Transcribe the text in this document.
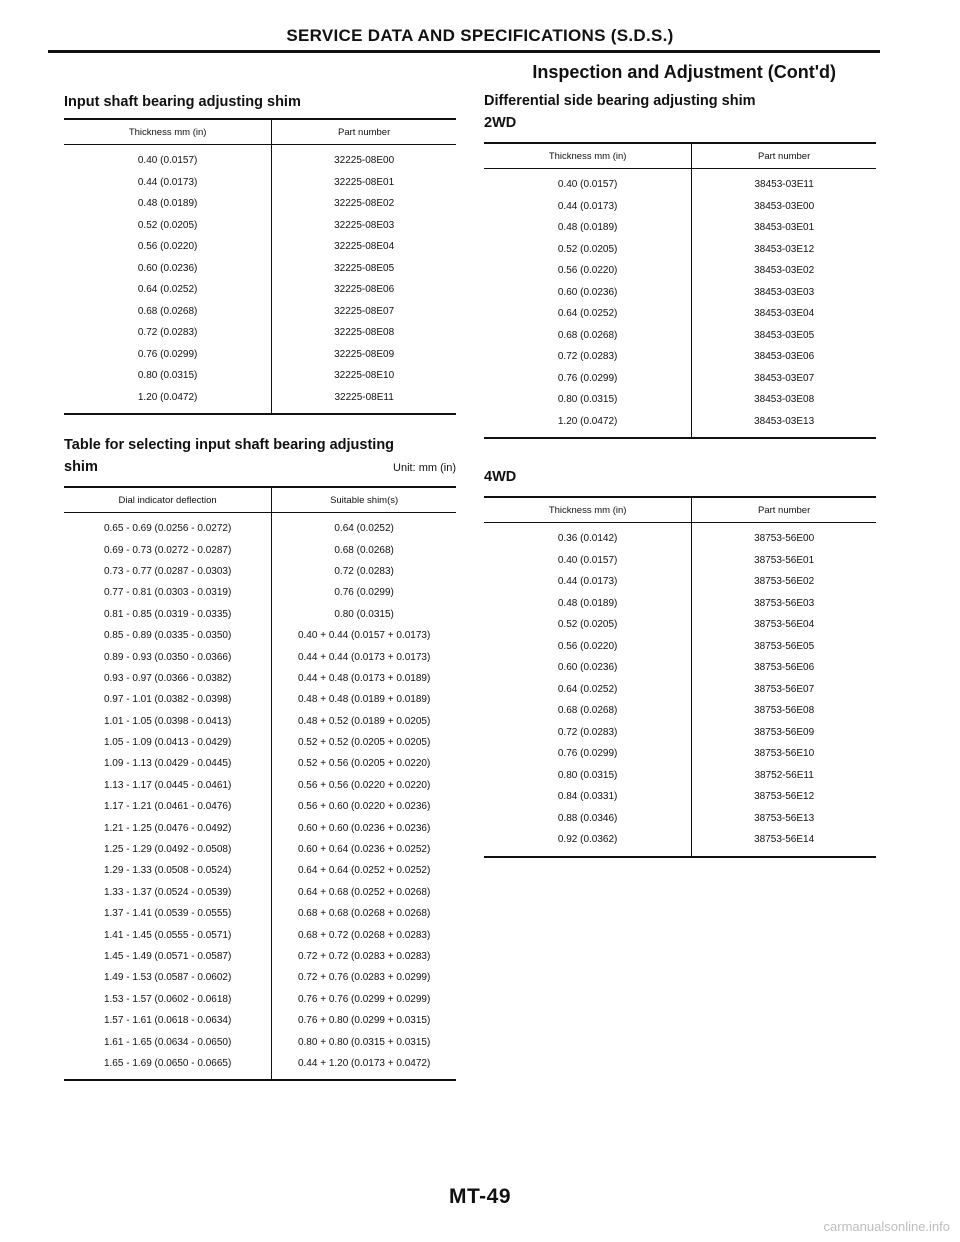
SERVICE DATA AND SPECIFICATIONS (S.D.S.)
Inspection and Adjustment (Cont'd)
Input shaft bearing adjusting shim
Thickness mm (in)	Part number
0.40 (0.0157)	32225-08E00
0.44 (0.0173)	32225-08E01
0.48 (0.0189)	32225-08E02
0.52 (0.0205)	32225-08E03
0.56 (0.0220)	32225-08E04
0.60 (0.0236)	32225-08E05
0.64 (0.0252)	32225-08E06
0.68 (0.0268)	32225-08E07
0.72 (0.0283)	32225-08E08
0.76 (0.0299)	32225-08E09
0.80 (0.0315)	32225-08E10
1.20 (0.0472)	32225-08E11
Table for selecting input shaft bearing adjusting
shim	Unit: mm (in)
Dial indicator deflection	Suitable shim(s)
0.65 - 0.69 (0.0256 - 0.0272)	0.64 (0.0252)
0.69 - 0.73 (0.0272 - 0.0287)	0.68 (0.0268)
0.73 - 0.77 (0.0287 - 0.0303)	0.72 (0.0283)
0.77 - 0.81 (0.0303 - 0.0319)	0.76 (0.0299)
0.81 - 0.85 (0.0319 - 0.0335)	0.80 (0.0315)
0.85 - 0.89 (0.0335 - 0.0350)	0.40 + 0.44 (0.0157 + 0.0173)
0.89 - 0.93 (0.0350 - 0.0366)	0.44 + 0.44 (0.0173 + 0.0173)
0.93 - 0.97 (0.0366 - 0.0382)	0.44 + 0.48 (0.0173 + 0.0189)
0.97 - 1.01 (0.0382 - 0.0398)	0.48 + 0.48 (0.0189 + 0.0189)
1.01 - 1.05 (0.0398 - 0.0413)	0.48 + 0.52 (0.0189 + 0.0205)
1.05 - 1.09 (0.0413 - 0.0429)	0.52 + 0.52 (0.0205 + 0.0205)
1.09 - 1.13 (0.0429 - 0.0445)	0.52 + 0.56 (0.0205 + 0.0220)
1.13 - 1.17 (0.0445 - 0.0461)	0.56 + 0.56 (0.0220 + 0.0220)
1.17 - 1.21 (0.0461 - 0.0476)	0.56 + 0.60 (0.0220 + 0.0236)
1.21 - 1.25 (0.0476 - 0.0492)	0.60 + 0.60 (0.0236 + 0.0236)
1.25 - 1.29 (0.0492 - 0.0508)	0.60 + 0.64 (0.0236 + 0.0252)
1.29 - 1.33 (0.0508 - 0.0524)	0.64 + 0.64 (0.0252 + 0.0252)
1.33 - 1.37 (0.0524 - 0.0539)	0.64 + 0.68 (0.0252 + 0.0268)
1.37 - 1.41 (0.0539 - 0.0555)	0.68 + 0.68 (0.0268 + 0.0268)
1.41 - 1.45 (0.0555 - 0.0571)	0.68 + 0.72 (0.0268 + 0.0283)
1.45 - 1.49 (0.0571 - 0.0587)	0.72 + 0.72 (0.0283 + 0.0283)
1.49 - 1.53 (0.0587 - 0.0602)	0.72 + 0.76 (0.0283 + 0.0299)
1.53 - 1.57 (0.0602 - 0.0618)	0.76 + 0.76 (0.0299 + 0.0299)
1.57 - 1.61 (0.0618 - 0.0634)	0.76 + 0.80 (0.0299 + 0.0315)
1.61 - 1.65 (0.0634 - 0.0650)	0.80 + 0.80 (0.0315 + 0.0315)
1.65 - 1.69 (0.0650 - 0.0665)	0.44 + 1.20 (0.0173 + 0.0472)
Differential side bearing adjusting shim
2WD
Thickness mm (in)	Part number
0.40 (0.0157)	38453-03E11
0.44 (0.0173)	38453-03E00
0.48 (0.0189)	38453-03E01
0.52 (0.0205)	38453-03E12
0.56 (0.0220)	38453-03E02
0.60 (0.0236)	38453-03E03
0.64 (0.0252)	38453-03E04
0.68 (0.0268)	38453-03E05
0.72 (0.0283)	38453-03E06
0.76 (0.0299)	38453-03E07
0.80 (0.0315)	38453-03E08
1.20 (0.0472)	38453-03E13
4WD
Thickness mm (in)	Part number
0.36 (0.0142)	38753-56E00
0.40 (0.0157)	38753-56E01
0.44 (0.0173)	38753-56E02
0.48 (0.0189)	38753-56E03
0.52 (0.0205)	38753-56E04
0.56 (0.0220)	38753-56E05
0.60 (0.0236)	38753-56E06
0.64 (0.0252)	38753-56E07
0.68 (0.0268)	38753-56E08
0.72 (0.0283)	38753-56E09
0.76 (0.0299)	38753-56E10
0.80 (0.0315)	38752-56E11
0.84 (0.0331)	38753-56E12
0.88 (0.0346)	38753-56E13
0.92 (0.0362)	38753-56E14
MT-49
carmanualsonline.info
